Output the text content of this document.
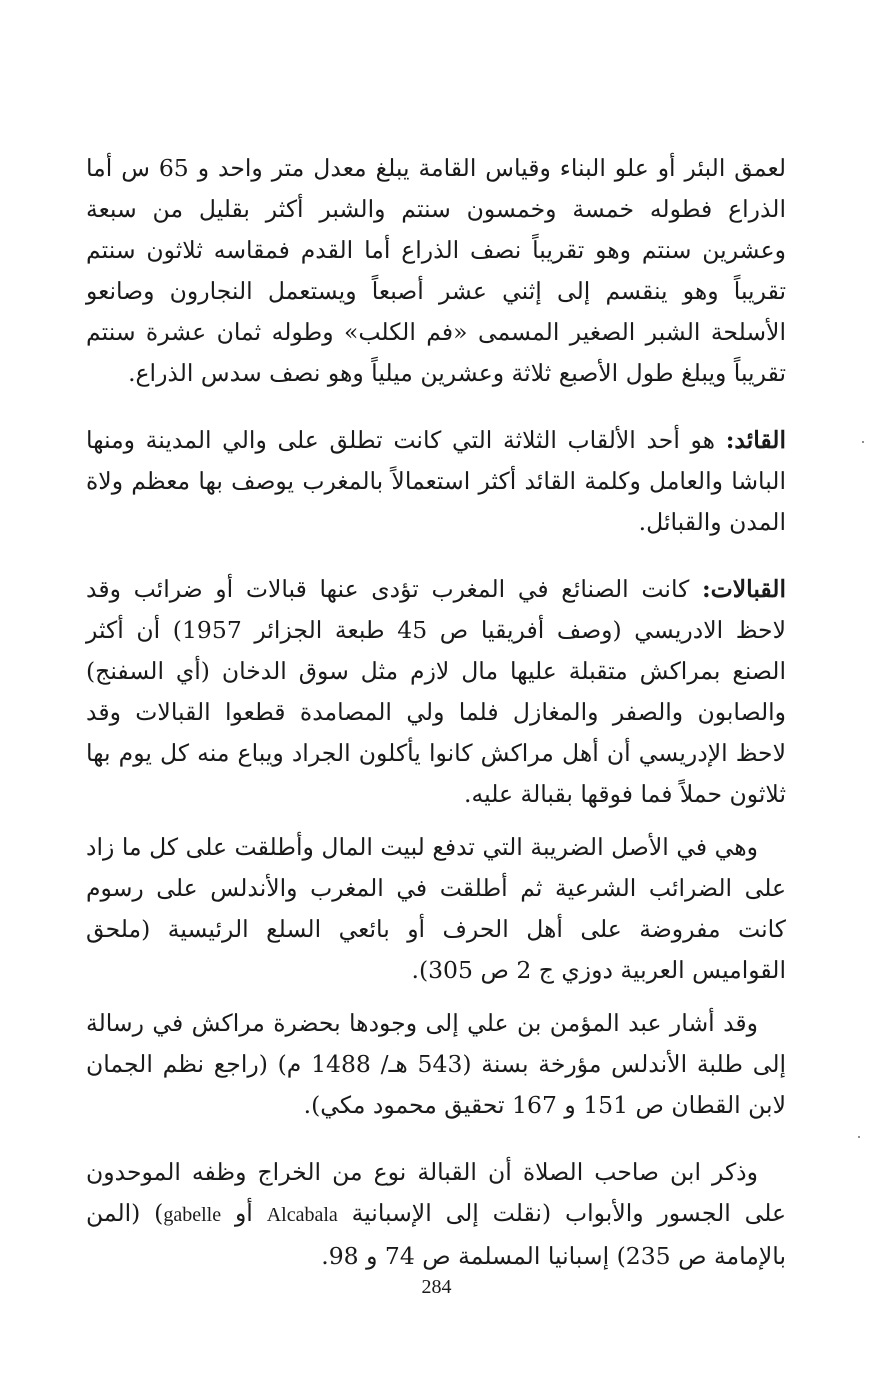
لعمق البئر أو علو البناء وقياس القامة يبلغ معدل متر واحد و 65 س أما الذراع فطوله خمسة وخمسون سنتم والشبر أكثر بقليل من سبعة وعشرين سنتم وهو تقريباً نصف الذراع أما القدم فمقاسه ثلاثون سنتم تقريباً وهو ينقسم إلى إثني عشر أصبعاً ويستعمل النجارون وصانعو الأسلحة الشبر الصغير المسمى «فم الكلب» وطوله ثمان عشرة سنتم تقريباً ويبلغ طول الأصبع ثلاثة وعشرين ميلياً وهو نصف سدس الذراع.

القائد: هو أحد الألقاب الثلاثة التي كانت تطلق على والي المدينة ومنها الباشا والعامل وكلمة القائد أكثر استعمالاً بالمغرب يوصف بها معظم ولاة المدن والقبائل.

القبالات: كانت الصنائع في المغرب تؤدى عنها قبالات أو ضرائب وقد لاحظ الادريسي (وصف أفريقيا ص 45 طبعة الجزائر 1957) أن أكثر الصنع بمراكش متقبلة عليها مال لازم مثل سوق الدخان (أي السفنج) والصابون والصفر والمغازل فلما ولي المصامدة قطعوا القبالات وقد لاحظ الإدريسي أن أهل مراكش كانوا يأكلون الجراد ويباع منه كل يوم بها ثلاثون حملاً فما فوقها بقبالة عليه.

وهي في الأصل الضريبة التي تدفع لبيت المال وأطلقت على كل ما زاد على الضرائب الشرعية ثم أطلقت في المغرب والأندلس على رسوم كانت مفروضة على أهل الحرف أو بائعي السلع الرئيسية (ملحق القواميس العربية دوزي ج 2 ص 305).

وقد أشار عبد المؤمن بن علي إلى وجودها بحضرة مراكش في رسالة إلى طلبة الأندلس مؤرخة بسنة (543 هـ/ 1488 م) (راجع نظم الجمان لابن القطان ص 151 و 167 تحقيق محمود مكي).

وذكر ابن صاحب الصلاة أن القبالة نوع من الخراج وظفه الموحدون على الجسور والأبواب (نقلت إلى الإسبانية Alcabala أو gabelle) (المن بالإمامة ص 235) إسبانيا المسلمة ص 74 و 98.

284
